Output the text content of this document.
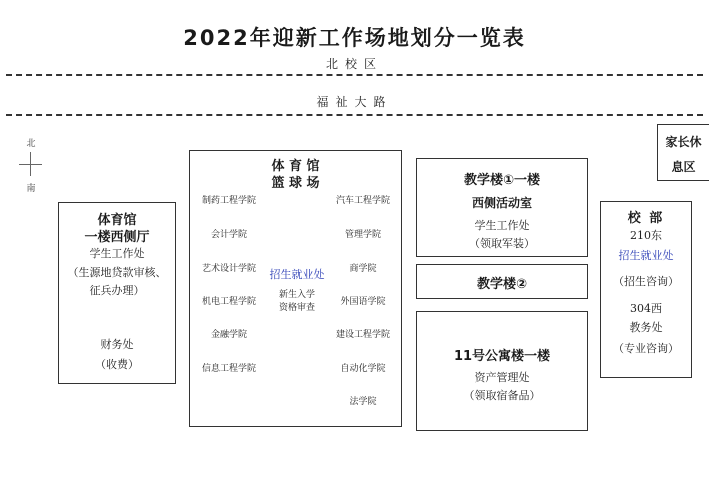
2022年迎新工作场地划分一览表
北校区
福祉大路
北
南
体育馆
一楼西侧厅
学生工作处
（生源地贷款审核、
征兵办理）
财务处
（收费）
体 育 馆
篮 球 场
制药工程学院
会计学院
艺术设计学院
机电工程学院
金融学院
信息工程学院
招生就业处
新生入学
资格审查
汽车工程学院
管理学院
商学院
外国语学院
建设工程学院
自动化学院
法学院
教学楼①一楼
西侧活动室
学生工作处
（领取军装）
教学楼②
11号公寓楼一楼
资产管理处
（领取宿备品）
家长休
息区
校 部
210东
招生就业处
（招生咨询）
304西
教务处
（专业咨询）
